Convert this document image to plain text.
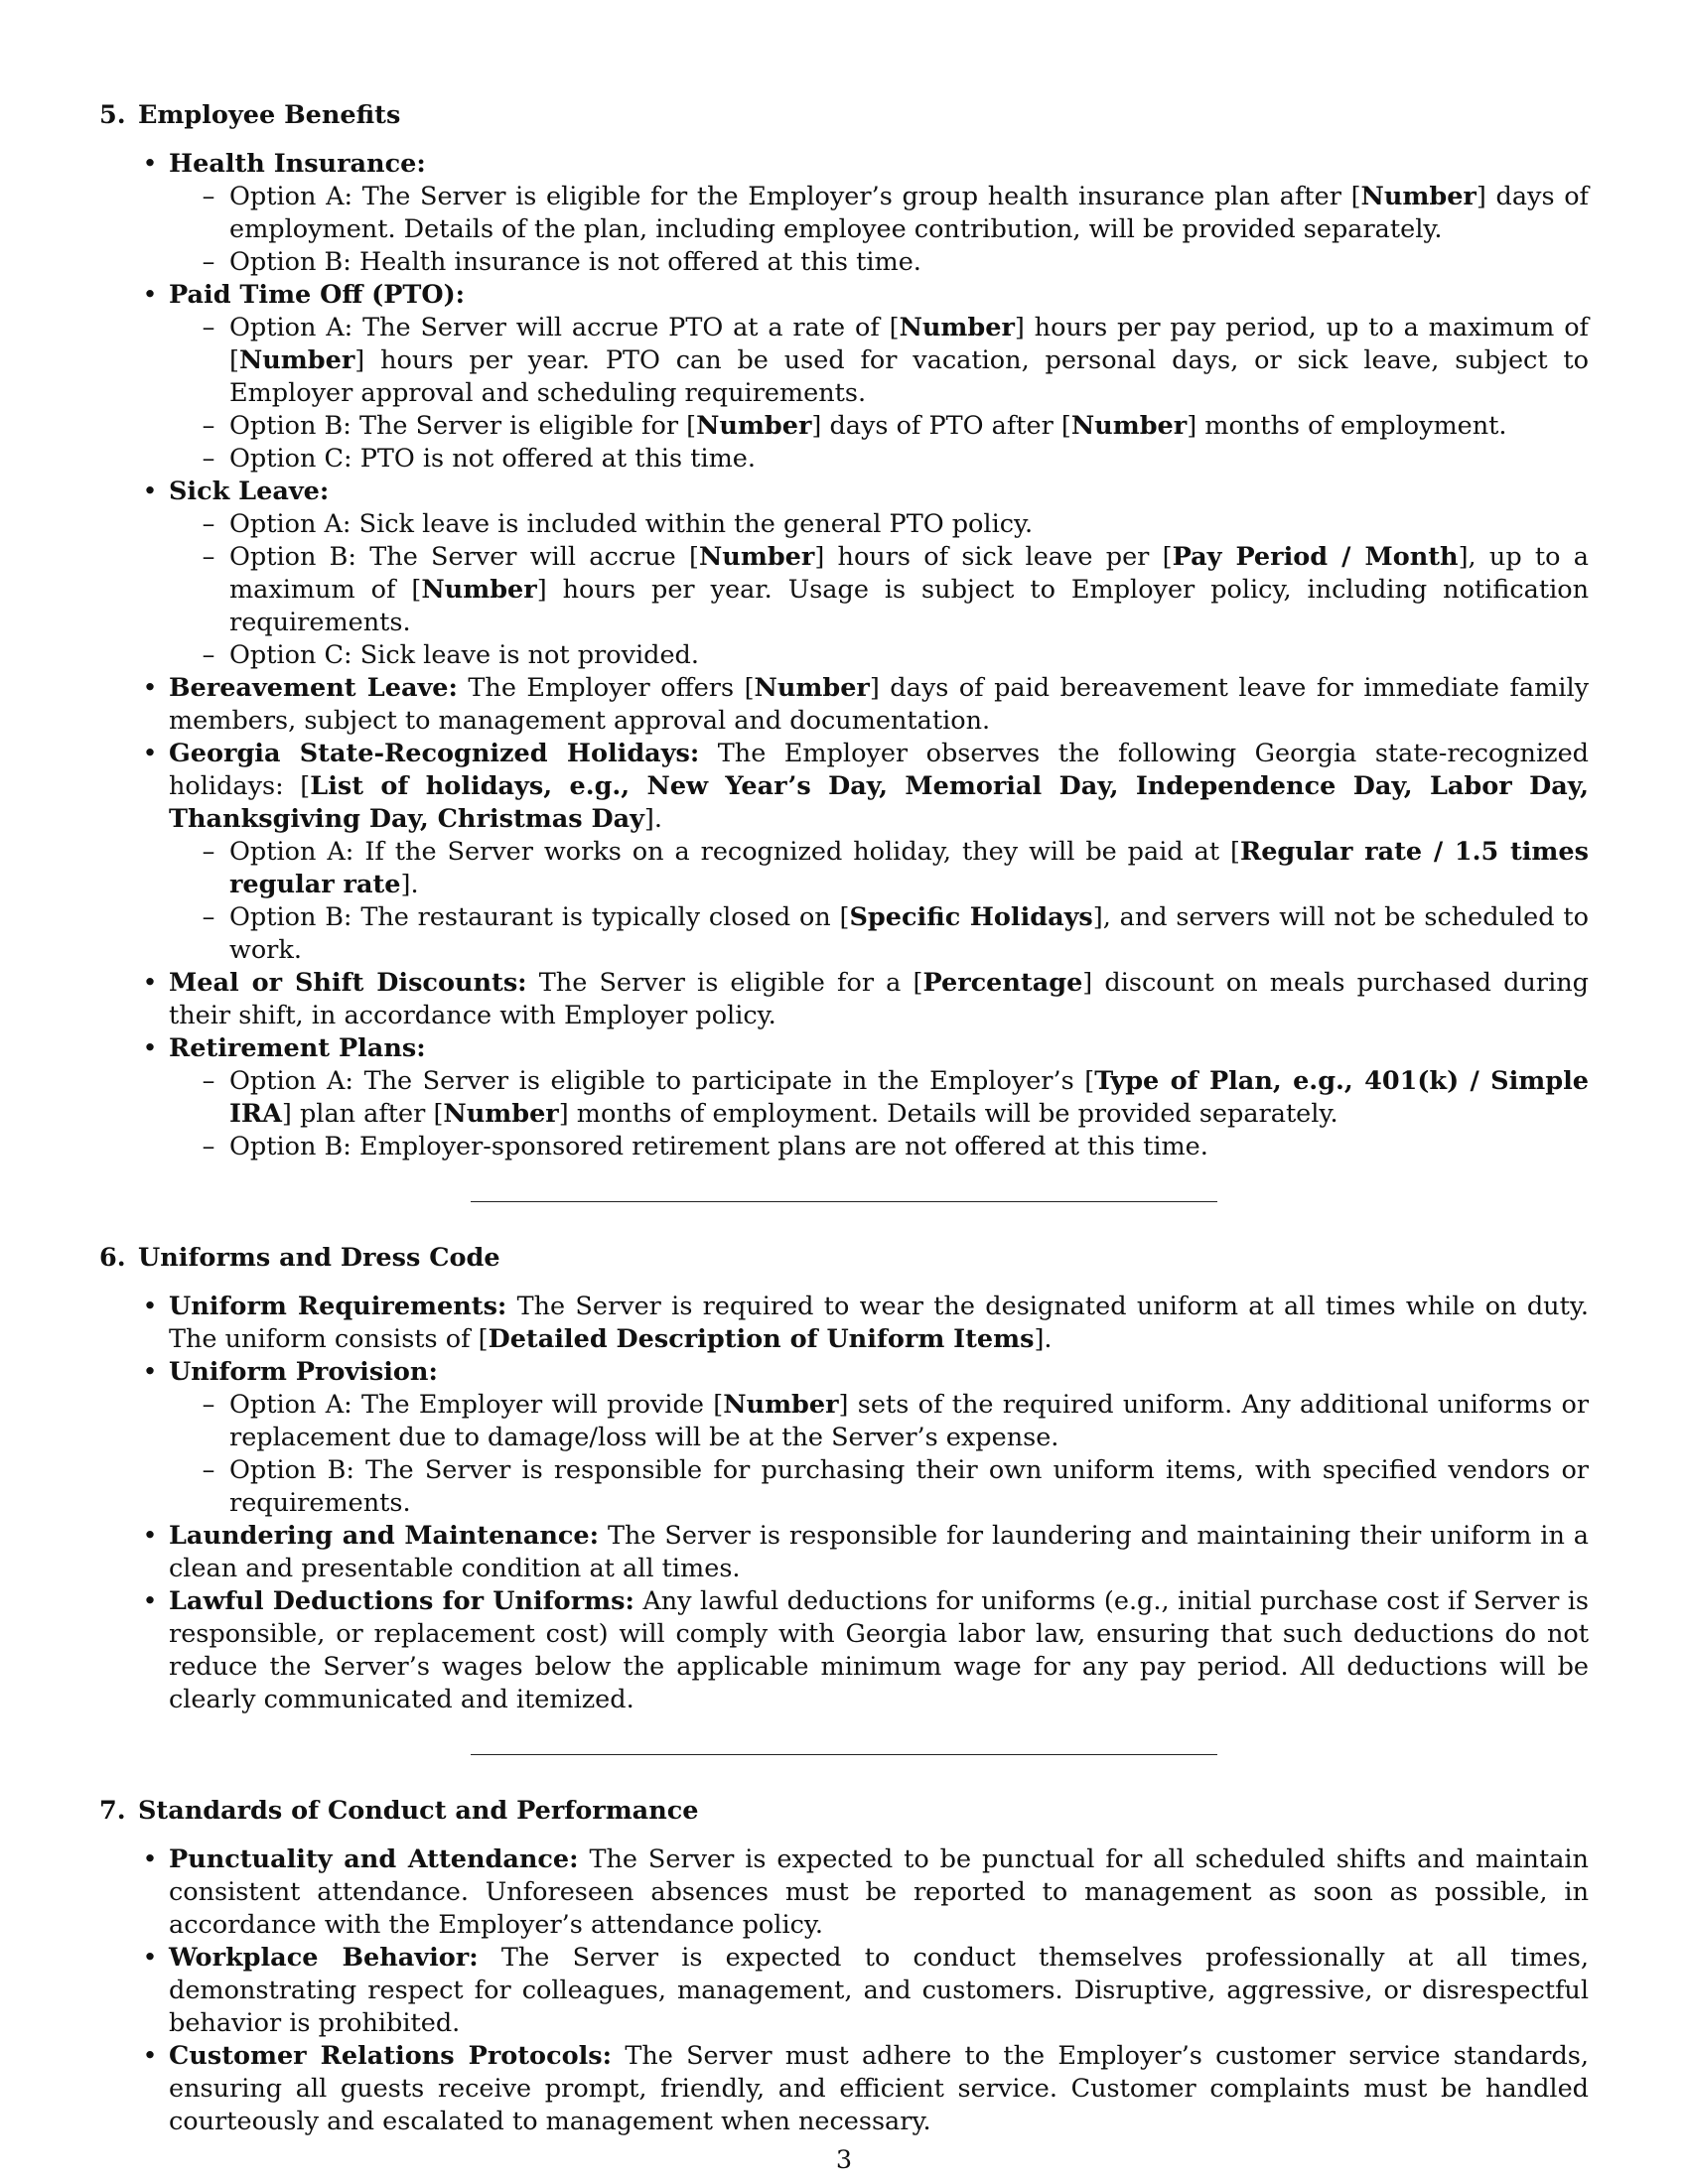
5. Employee Benefits
• Health Insurance:
– Option A: The Server is eligible for the Employer’s group health insurance plan after [Number] days of employment. Details of the plan, including employee contribution, will be provided separately.
– Option B: Health insurance is not offered at this time.
• Paid Time Off (PTO):
– Option A: The Server will accrue PTO at a rate of [Number] hours per pay period, up to a maximum of [Number] hours per year. PTO can be used for vacation, personal days, or sick leave, subject to Employer approval and scheduling requirements.
– Option B: The Server is eligible for [Number] days of PTO after [Number] months of employment.
– Option C: PTO is not offered at this time.
• Sick Leave:
– Option A: Sick leave is included within the general PTO policy.
– Option B: The Server will accrue [Number] hours of sick leave per [Pay Period / Month], up to a maximum of [Number] hours per year. Usage is subject to Employer policy, including notification requirements.
– Option C: Sick leave is not provided.
• Bereavement Leave: The Employer offers [Number] days of paid bereavement leave for immediate family members, subject to management approval and documentation.
• Georgia State-Recognized Holidays: The Employer observes the following Georgia state-recognized holidays: [List of holidays, e.g., New Year’s Day, Memorial Day, Independence Day, Labor Day, Thanksgiving Day, Christmas Day].
– Option A: If the Server works on a recognized holiday, they will be paid at [Regular rate / 1.5 times regular rate].
– Option B: The restaurant is typically closed on [Specific Holidays], and servers will not be scheduled to work.
• Meal or Shift Discounts: The Server is eligible for a [Percentage] discount on meals purchased during their shift, in accordance with Employer policy.
• Retirement Plans:
– Option A: The Server is eligible to participate in the Employer’s [Type of Plan, e.g., 401(k) / Simple IRA] plan after [Number] months of employment. Details will be provided separately.
– Option B: Employer-sponsored retirement plans are not offered at this time.
6. Uniforms and Dress Code
• Uniform Requirements: The Server is required to wear the designated uniform at all times while on duty. The uniform consists of [Detailed Description of Uniform Items].
• Uniform Provision:
– Option A: The Employer will provide [Number] sets of the required uniform. Any additional uniforms or replacement due to damage/loss will be at the Server’s expense.
– Option B: The Server is responsible for purchasing their own uniform items, with specified vendors or requirements.
• Laundering and Maintenance: The Server is responsible for laundering and maintaining their uniform in a clean and presentable condition at all times.
• Lawful Deductions for Uniforms: Any lawful deductions for uniforms (e.g., initial purchase cost if Server is responsible, or replacement cost) will comply with Georgia labor law, ensuring that such deductions do not reduce the Server’s wages below the applicable minimum wage for any pay period. All deductions will be clearly communicated and itemized.
7. Standards of Conduct and Performance
• Punctuality and Attendance: The Server is expected to be punctual for all scheduled shifts and maintain consistent attendance. Unforeseen absences must be reported to management as soon as possible, in accordance with the Employer’s attendance policy.
• Workplace Behavior: The Server is expected to conduct themselves professionally at all times, demonstrating respect for colleagues, management, and customers. Disruptive, aggressive, or disrespectful behavior is prohibited.
• Customer Relations Protocols: The Server must adhere to the Employer’s customer service standards, ensuring all guests receive prompt, friendly, and efficient service. Customer complaints must be handled courteously and escalated to management when necessary.
3
